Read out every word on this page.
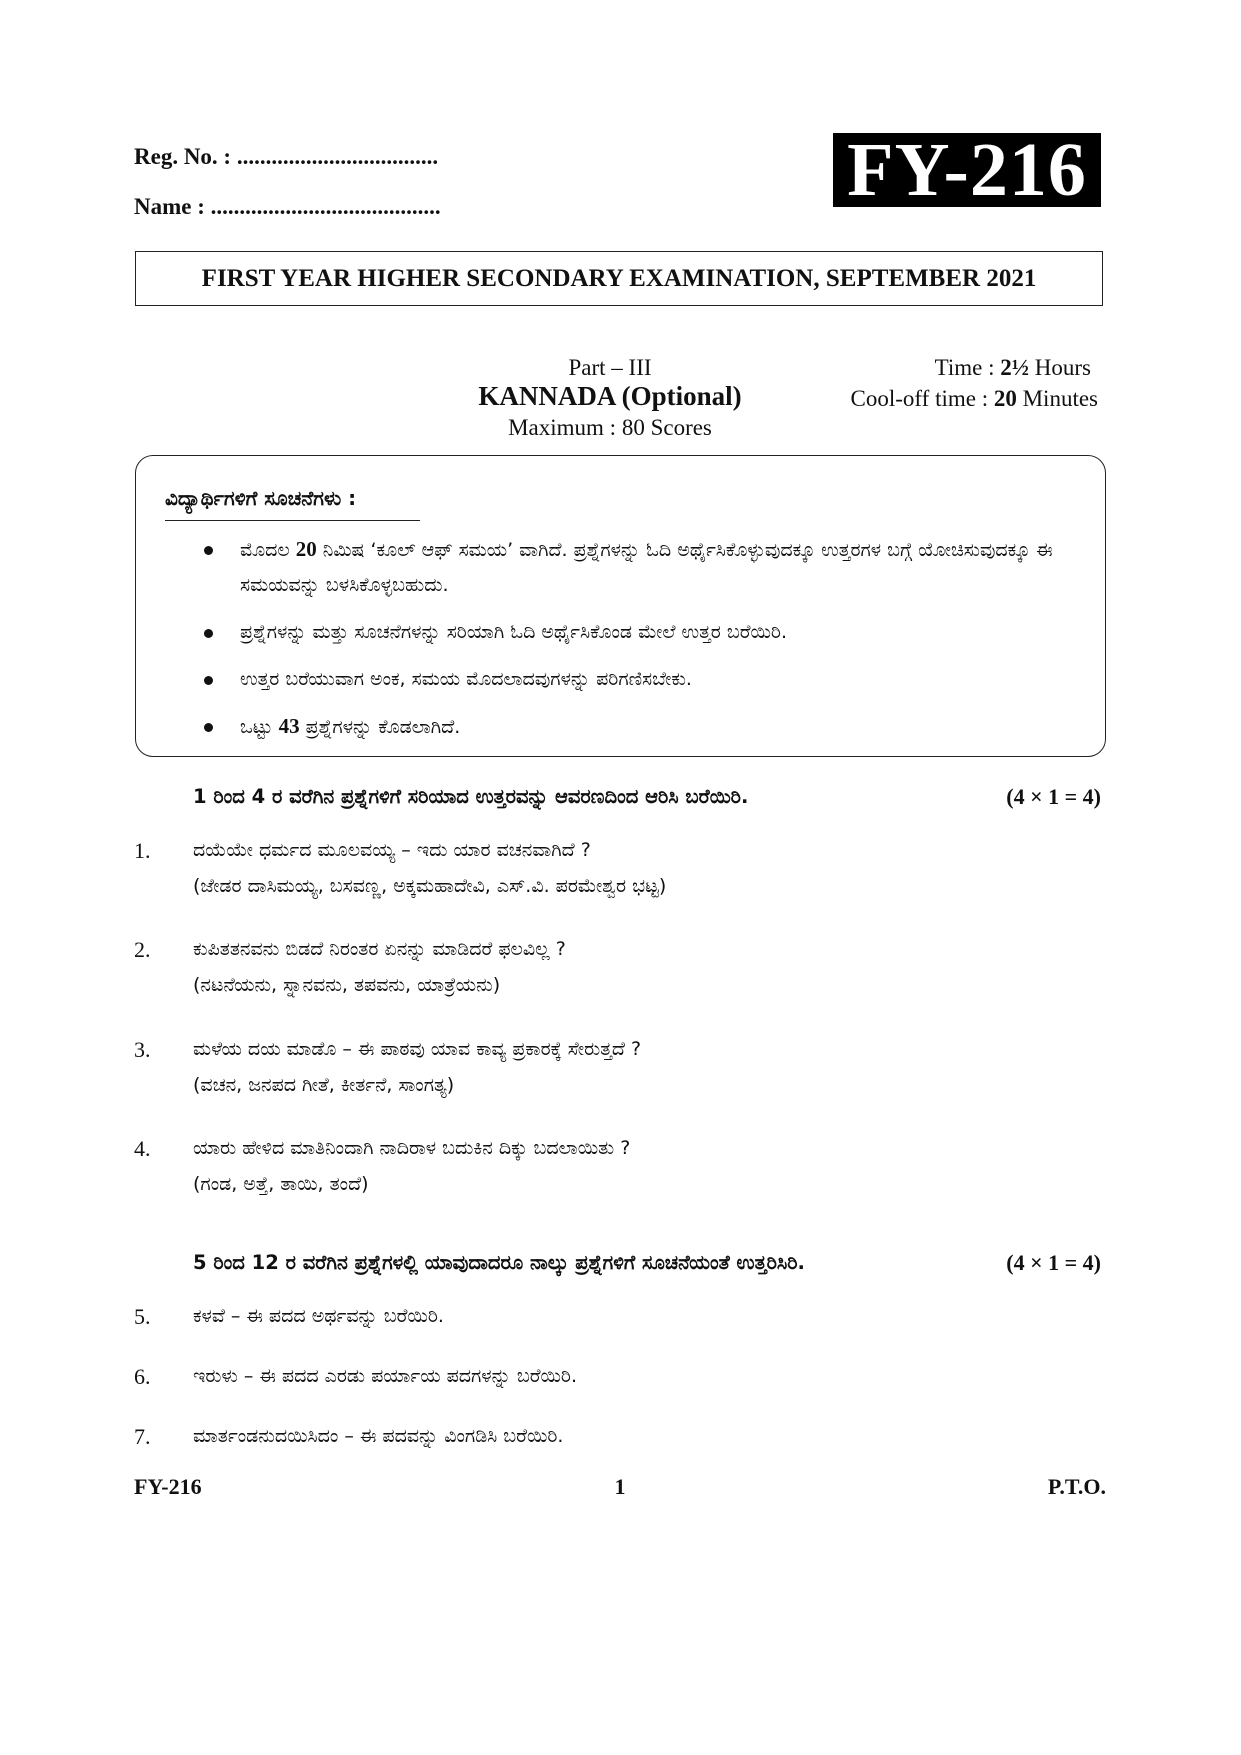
Reg. No. : ...................................
Name : ........................................	FY-216
FIRST YEAR HIGHER SECONDARY EXAMINATION, SEPTEMBER 2021
Part – III
KANNADA (Optional)
Maximum : 80 Scores
Time : 2½ Hours
Cool-off time : 20 Minutes
ವಿದ್ಯಾರ್ಥಿಗಳಿಗೆ ಸೂಚನೆಗಳು :
ಮೊದಲ 20 ನಿಮಿಷ ‘ಕೂಲ್ ಆಫ್ ಸಮಯ’ ವಾಗಿದೆ. ಪ್ರಶ್ನೆಗಳನ್ನು ಓದಿ ಅರ್ಥೈಸಿಕೊಳ್ಳುವುದಕ್ಕೂ ಉತ್ತರಗಳ ಬಗ್ಗೆ ಯೋಚಿಸುವುದಕ್ಕೂ ಈ ಸಮಯವನ್ನು ಬಳಸಿಕೊಳ್ಳಬಹುದು.
ಪ್ರಶ್ನೆಗಳನ್ನು ಮತ್ತು ಸೂಚನೆಗಳನ್ನು ಸರಿಯಾಗಿ ಓದಿ ಅರ್ಥೈಸಿಕೊಂಡ ಮೇಲೆ ಉತ್ತರ ಬರೆಯಿರಿ.
ಉತ್ತರ ಬರೆಯುವಾಗ ಅಂಕ, ಸಮಯ ಮೊದಲಾದವುಗಳನ್ನು ಪರಿಗಣಿಸಬೇಕು.
ಒಟ್ಟು 43 ಪ್ರಶ್ನೆಗಳನ್ನು ಕೊಡಲಾಗಿದೆ.
1 ರಿಂದ 4 ರ ವರೆಗಿನ ಪ್ರಶ್ನೆಗಳಿಗೆ ಸರಿಯಾದ ಉತ್ತರವನ್ನು ಆವರಣದಿಂದ ಆರಿಸಿ ಬರೆಯಿರಿ.	(4 × 1 = 4)
1. ದಯೆಯೇ ಧರ್ಮದ ಮೂಲವಯ್ಯ – ಇದು ಯಾರ ವಚನವಾಗಿದೆ ?
(ಜೇಡರ ದಾಸಿಮಯ್ಯ, ಬಸವಣ್ಣ, ಅಕ್ಕಮಹಾದೇವಿ, ಎಸ್.ವಿ. ಪರಮೇಶ್ವರ ಭಟ್ಟ)
2. ಕುಪಿತತನವನು ಬಿಡದೆ ನಿರಂತರ ಏನನ್ನು ಮಾಡಿದರೆ ಫಲವಿಲ್ಲ ?
(ನಟನೆಯನು, ಸ್ನಾನವನು, ತಪವನು, ಯಾತ್ರೆಯನು)
3. ಮಳೆಯ ದಯ ಮಾಡೊ – ಈ ಪಾಠವು ಯಾವ ಕಾವ್ಯ ಪ್ರಕಾರಕ್ಕೆ ಸೇರುತ್ತದೆ ?
(ವಚನ, ಜನಪದ ಗೀತೆ, ಕೀರ್ತನೆ, ಸಾಂಗತ್ಯ)
4. ಯಾರು ಹೇಳಿದ ಮಾತಿನಿಂದಾಗಿ ನಾದಿರಾಳ ಬದುಕಿನ ದಿಕ್ಕು ಬದಲಾಯಿತು ?
(ಗಂಡ, ಅತ್ತೆ, ತಾಯಿ, ತಂದೆ)
5 ರಿಂದ 12 ರ ವರೆಗಿನ ಪ್ರಶ್ನೆಗಳಲ್ಲಿ ಯಾವುದಾದರೂ ನಾಲ್ಕು ಪ್ರಶ್ನೆಗಳಿಗೆ ಸೂಚನೆಯಂತೆ ಉತ್ತರಿಸಿರಿ.	(4 × 1 = 4)
5. ಕಳವೆ – ಈ ಪದದ ಅರ್ಥವನ್ನು ಬರೆಯಿರಿ.
6. ಇರುಳು – ಈ ಪದದ ಎರಡು ಪರ್ಯಾಯ ಪದಗಳನ್ನು ಬರೆಯಿರಿ.
7. ಮಾರ್ತಂಡನುದಯಿಸಿದಂ – ಈ ಪದವನ್ನು ವಿಂಗಡಿಸಿ ಬರೆಯಿರಿ.
FY-216	1	P.T.O.
